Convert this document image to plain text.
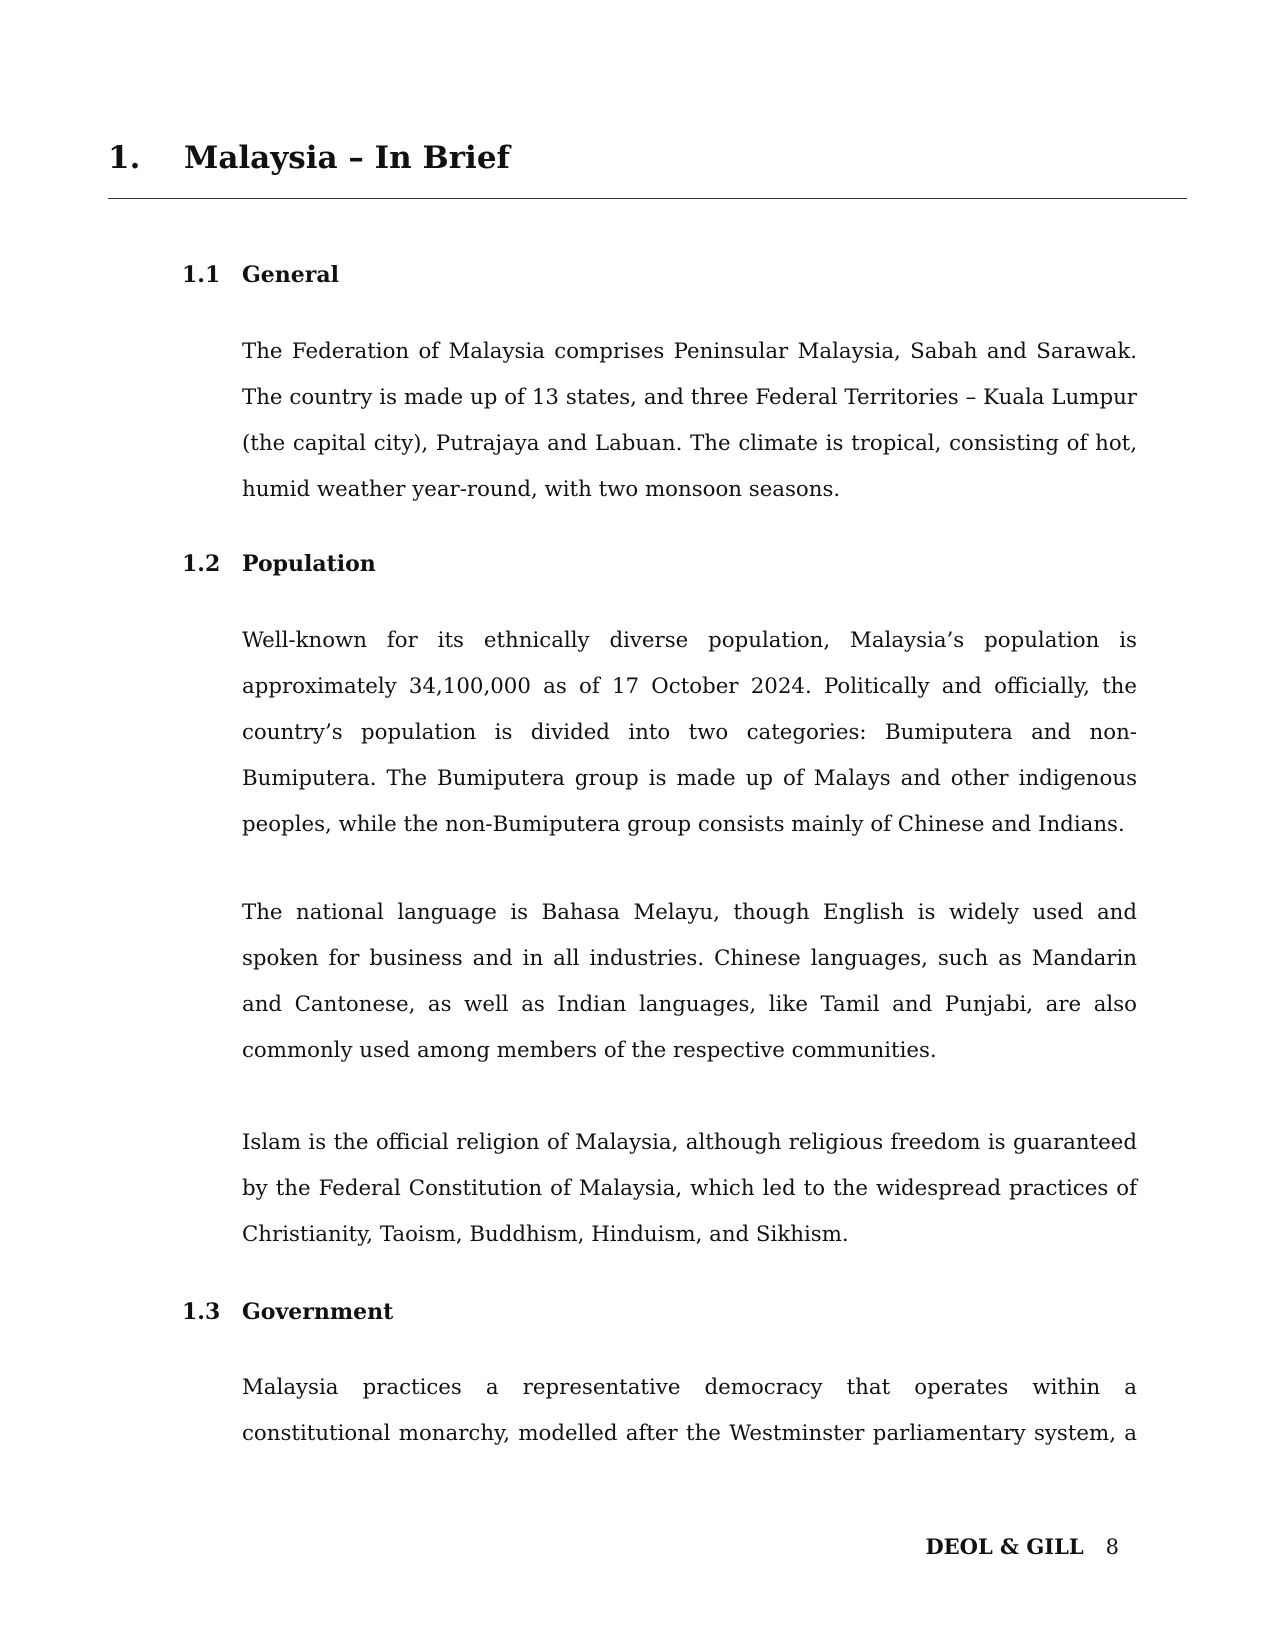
1. Malaysia – In Brief
1.1 General

The Federation of Malaysia comprises Peninsular Malaysia, Sabah and Sarawak. The country is made up of 13 states, and three Federal Territories – Kuala Lumpur (the capital city), Putrajaya and Labuan. The climate is tropical, consisting of hot, humid weather year-round, with two monsoon seasons.

1.2 Population

Well-known for its ethnically diverse population, Malaysia’s population is approximately 34,100,000 as of 17 October 2024. Politically and officially, the country’s population is divided into two categories: Bumiputera and non-Bumiputera. The Bumiputera group is made up of Malays and other indigenous peoples, while the non-Bumiputera group consists mainly of Chinese and Indians.

The national language is Bahasa Melayu, though English is widely used and spoken for business and in all industries. Chinese languages, such as Mandarin and Cantonese, as well as Indian languages, like Tamil and Punjabi, are also commonly used among members of the respective communities.

Islam is the official religion of Malaysia, although religious freedom is guaranteed by the Federal Constitution of Malaysia, which led to the widespread practices of Christianity, Taoism, Buddhism, Hinduism, and Sikhism.

1.3 Government

Malaysia practices a representative democracy that operates within a constitutional monarchy, modelled after the Westminster parliamentary system, a

DEOL & GILL 8
